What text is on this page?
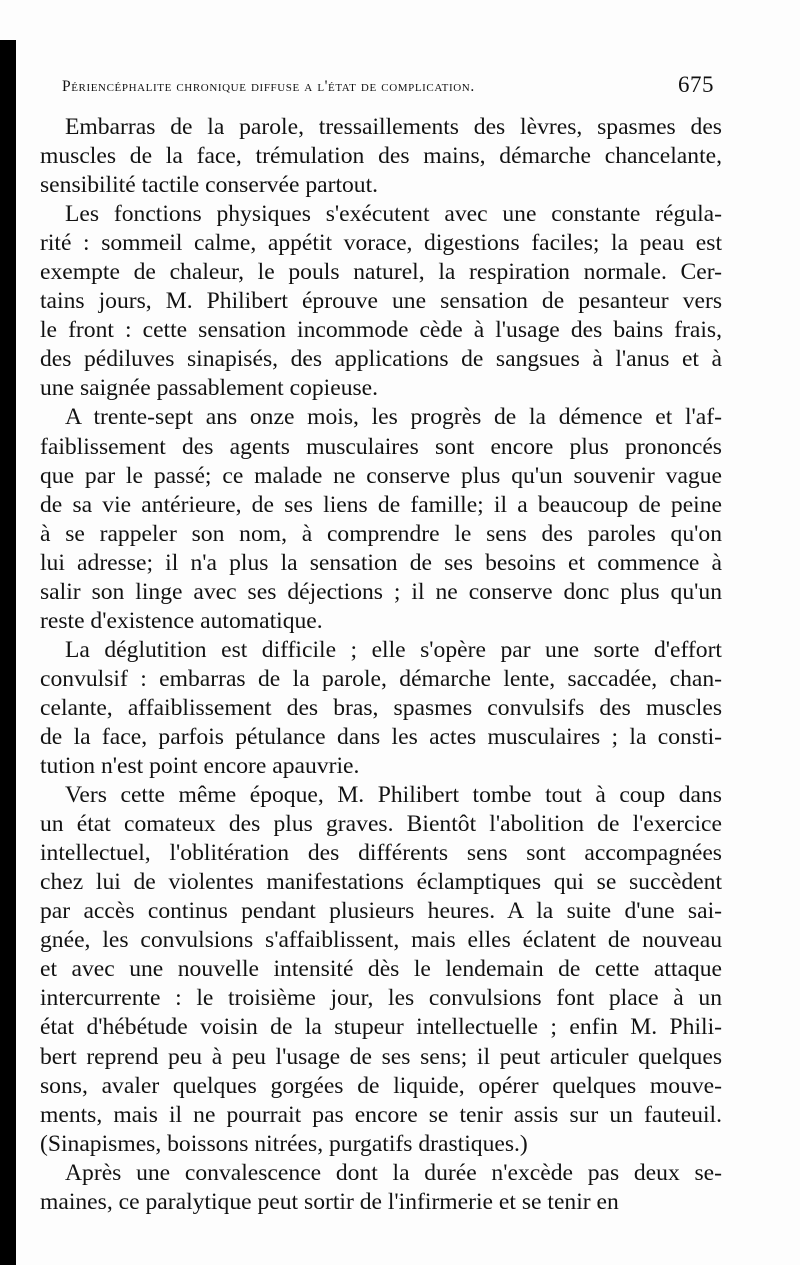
Périencéphalite chronique diffuse a l'état de complication.	675

Embarras de la parole, tressaillements des lèvres, spasmes des
muscles de la face, trémulation des mains, démarche chancelante,
sensibilité tactile conservée partout.

Les fonctions physiques s'exécutent avec une constante régula-
rité : sommeil calme, appétit vorace, digestions faciles; la peau est
exempte de chaleur, le pouls naturel, la respiration normale. Cer-
tains jours, M. Philibert éprouve une sensation de pesanteur vers
le front : cette sensation incommode cède à l'usage des bains frais,
des pédiluves sinapisés, des applications de sangsues à l'anus et à
une saignée passablement copieuse.

A trente-sept ans onze mois, les progrès de la démence et l'af-
faiblissement des agents musculaires sont encore plus prononcés
que par le passé; ce malade ne conserve plus qu'un souvenir vague
de sa vie antérieure, de ses liens de famille; il a beaucoup de peine
à se rappeler son nom, à comprendre le sens des paroles qu'on
lui adresse; il n'a plus la sensation de ses besoins et commence à
salir son linge avec ses déjections ; il ne conserve donc plus qu'un
reste d'existence automatique.

La déglutition est difficile ; elle s'opère par une sorte d'effort
convulsif : embarras de la parole, démarche lente, saccadée, chan-
celante, affaiblissement des bras, spasmes convulsifs des muscles
de la face, parfois pétulance dans les actes musculaires ; la consti-
tution n'est point encore apauvrie.

Vers cette même époque, M. Philibert tombe tout à coup dans
un état comateux des plus graves. Bientôt l'abolition de l'exercice
intellectuel, l'oblitération des différents sens sont accompagnées
chez lui de violentes manifestations éclamptiques qui se succèdent
par accès continus pendant plusieurs heures. A la suite d'une sai-
gnée, les convulsions s'affaiblissent, mais elles éclatent de nouveau
et avec une nouvelle intensité dès le lendemain de cette attaque
intercurrente : le troisième jour, les convulsions font place à un
état d'hébétude voisin de la stupeur intellectuelle ; enfin M. Phili-
bert reprend peu à peu l'usage de ses sens; il peut articuler quelques
sons, avaler quelques gorgées de liquide, opérer quelques mouve-
ments, mais il ne pourrait pas encore se tenir assis sur un fauteuil.
(Sinapismes, boissons nitrées, purgatifs drastiques.)

Après une convalescence dont la durée n'excède pas deux se-
maines, ce paralytique peut sortir de l'infirmerie et se tenir en
